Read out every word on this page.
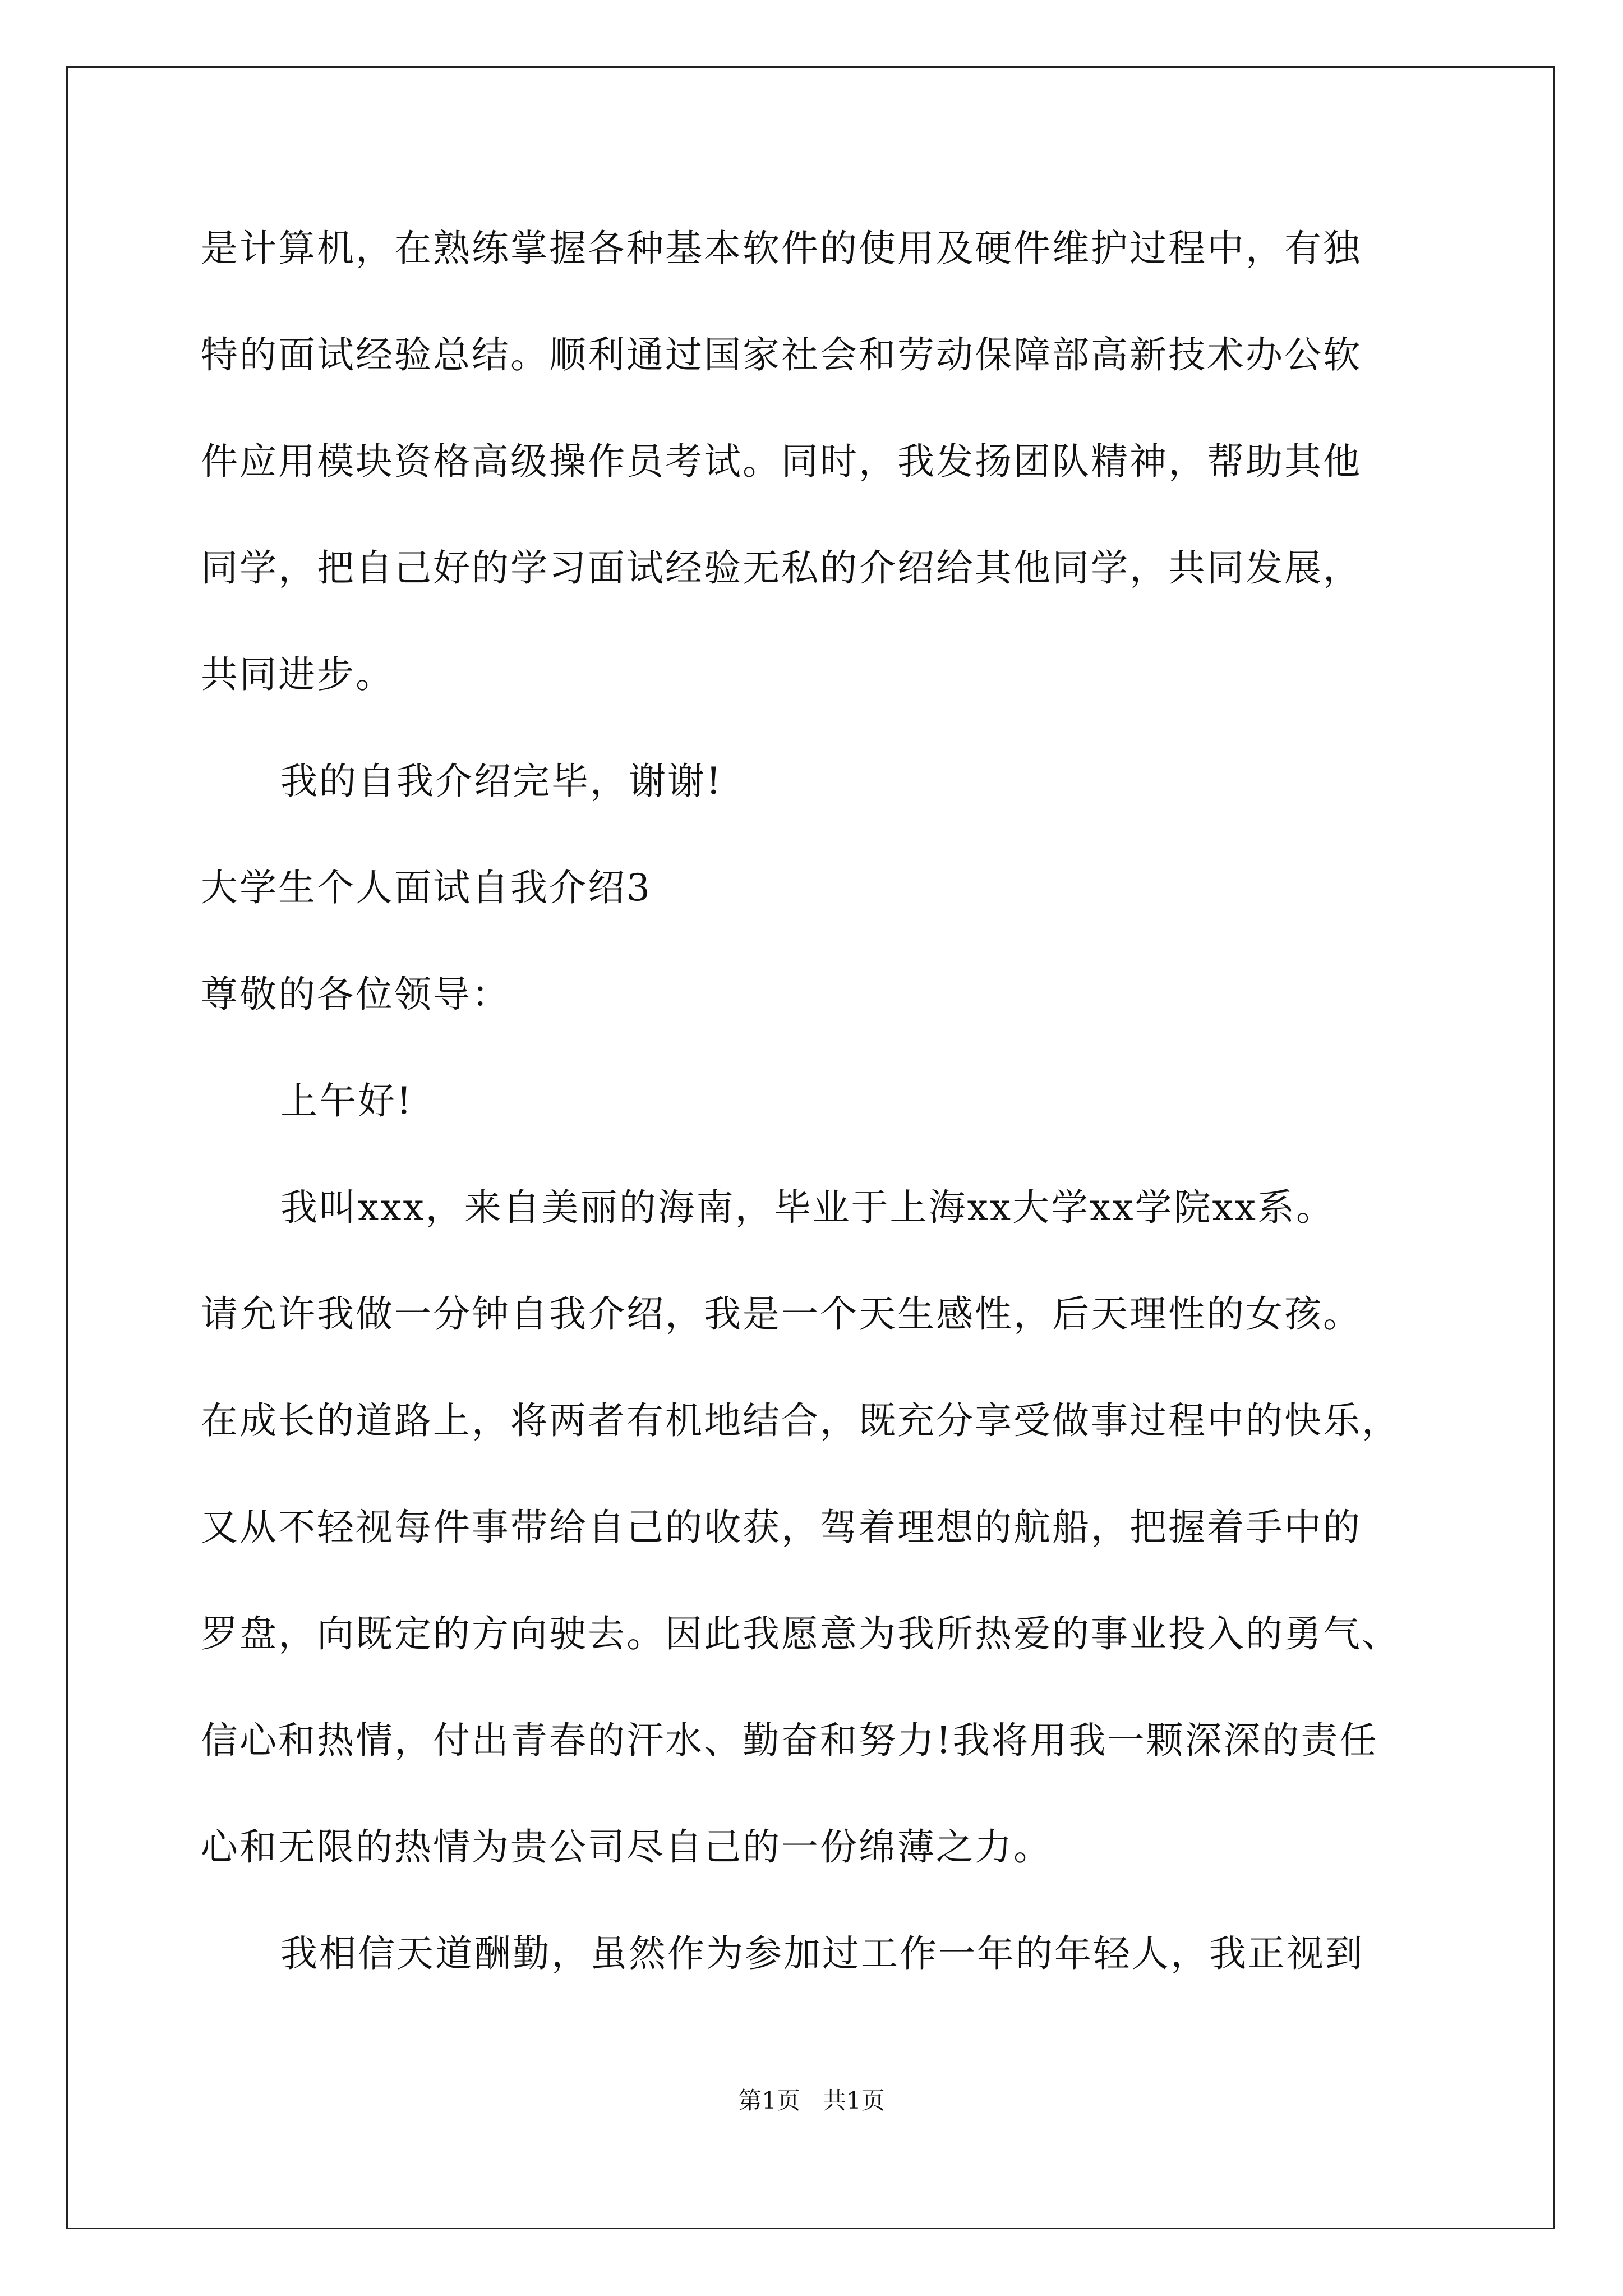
是计算机，在熟练掌握各种基本软件的使用及硬件维护过程中，有独
特的面试经验总结。顺利通过国家社会和劳动保障部高新技术办公软
件应用模块资格高级操作员考试。同时，我发扬团队精神，帮助其他
同学，把自己好的学习面试经验无私的介绍给其他同学，共同发展，
共同进步。
我的自我介绍完毕，谢谢!
大学生个人面试自我介绍3
尊敬的各位领导：
上午好!
我叫xxx，来自美丽的海南，毕业于上海xx大学xx学院xx系。
请允许我做一分钟自我介绍，我是一个天生感性，后天理性的女孩。
在成长的道路上，将两者有机地结合，既充分享受做事过程中的快乐，
又从不轻视每件事带给自己的收获，驾着理想的航船，把握着手中的
罗盘，向既定的方向驶去。因此我愿意为我所热爱的事业投入的勇气、
信心和热情，付出青春的汗水、勤奋和努力!我将用我一颗深深的责任
心和无限的热情为贵公司尽自己的一份绵薄之力。
我相信天道酬勤，虽然作为参加过工作一年的年轻人，我正视到
第1页   共1页
